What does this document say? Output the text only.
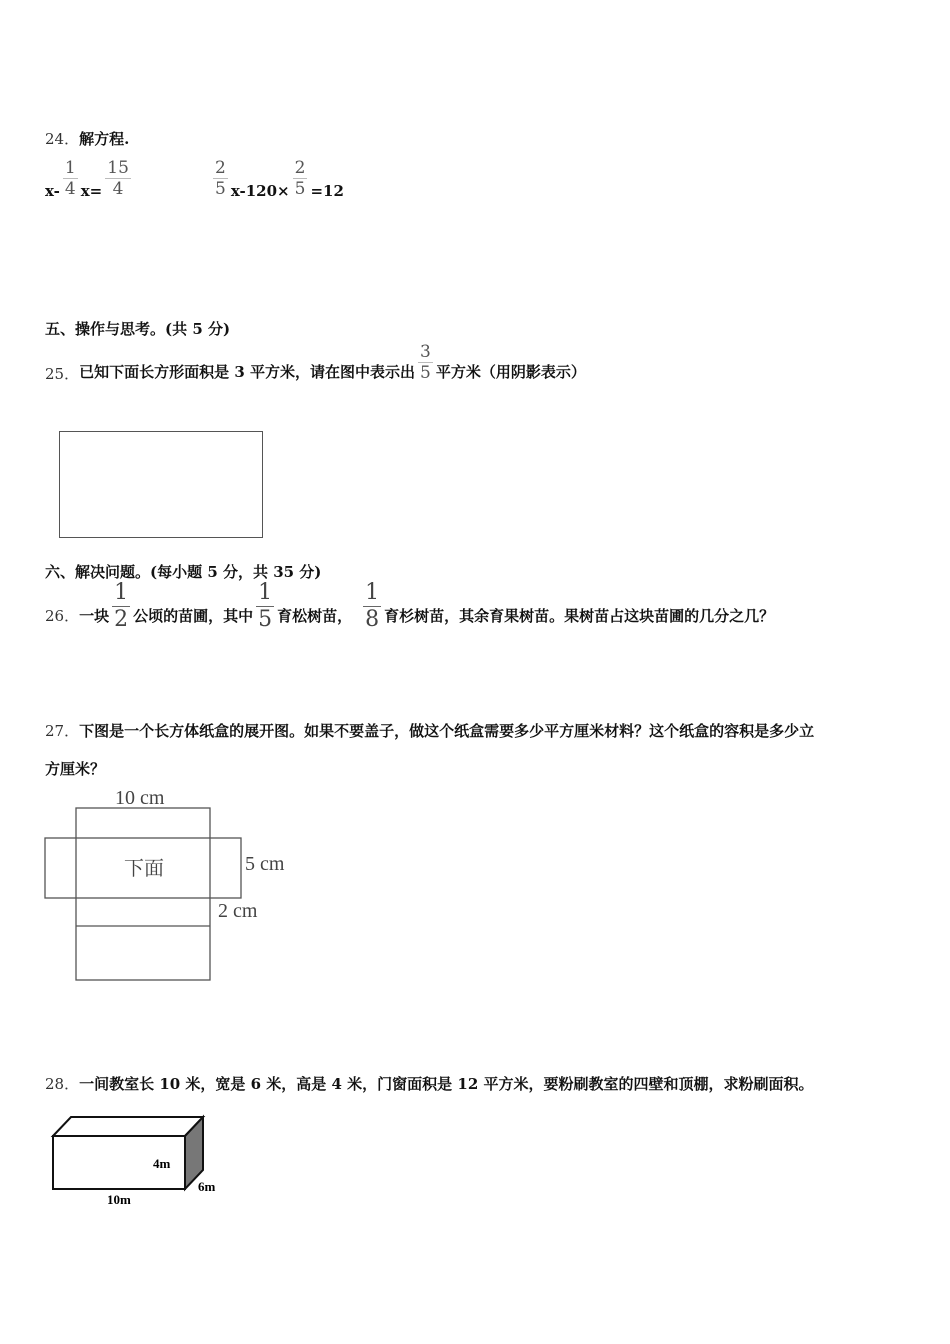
24． 解方程.
$x- \frac{1}{4} x= \frac{15}{4}$	$\frac{2}{5} x-120\times \frac{2}{5} =12$
五、操作与思考。(共 5 分)
25． 已知下面长方形面积是 3 平方米，请在图中表示出 $\frac{3}{5}$ 平方米（用阴影表示）
六、解决问题。(每小题 5 分，共 35 分)
26． 一块 $\frac{1}{2}$ 公顷的苗圃，其中 $\frac{1}{5}$ 育松树苗， $\frac{1}{8}$ 育杉树苗，其余育果树苗。果树苗占这块苗圃的几分之几？
27． 下图是一个长方体纸盒的展开图。如果不要盖子，做这个纸盒需要多少平方厘米材料？这个纸盒的容积是多少立
方厘米？
10 cm
5 cm
2 cm
下面
28． 一间教室长 10 米，宽是 6 米，高是 4 米，门窗面积是 12 平方米，要粉刷教室的四壁和顶棚，求粉刷面积。
4m
6m
10m
